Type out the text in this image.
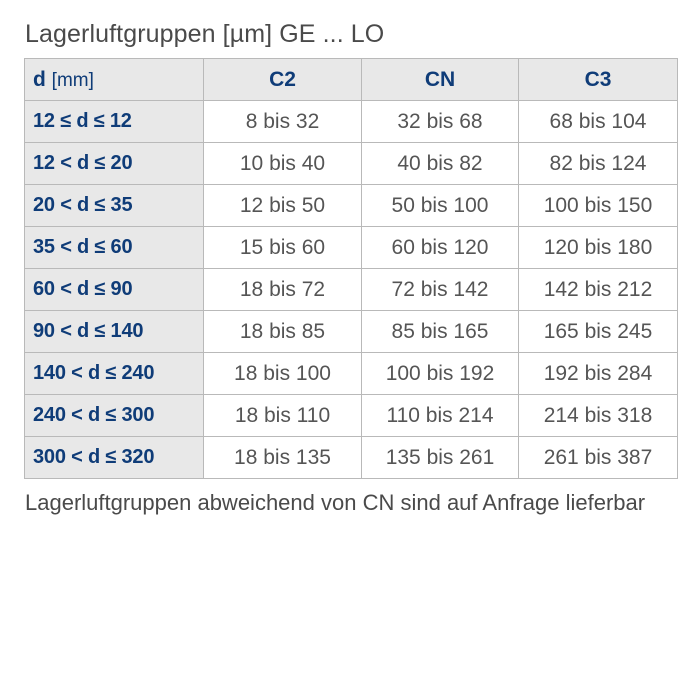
Lagerluftgruppen [µm] GE ... LO
d [mm]	C2	CN	C3
12 ≤ d ≤ 12	8 bis 32	32 bis 68	68 bis 104
12 < d ≤ 20	10 bis 40	40 bis 82	82 bis 124
20 < d ≤ 35	12 bis 50	50 bis 100	100 bis 150
35 < d ≤ 60	15 bis 60	60 bis 120	120 bis 180
60 < d ≤ 90	18 bis 72	72 bis 142	142 bis 212
90 < d ≤ 140	18 bis 85	85 bis 165	165 bis 245
140 < d ≤ 240	18 bis 100	100 bis 192	192 bis 284
240 < d ≤ 300	18 bis 110	110 bis 214	214 bis 318
300 < d ≤ 320	18 bis 135	135 bis 261	261 bis 387
Lagerluftgruppen abweichend von CN sind auf Anfrage lieferbar
